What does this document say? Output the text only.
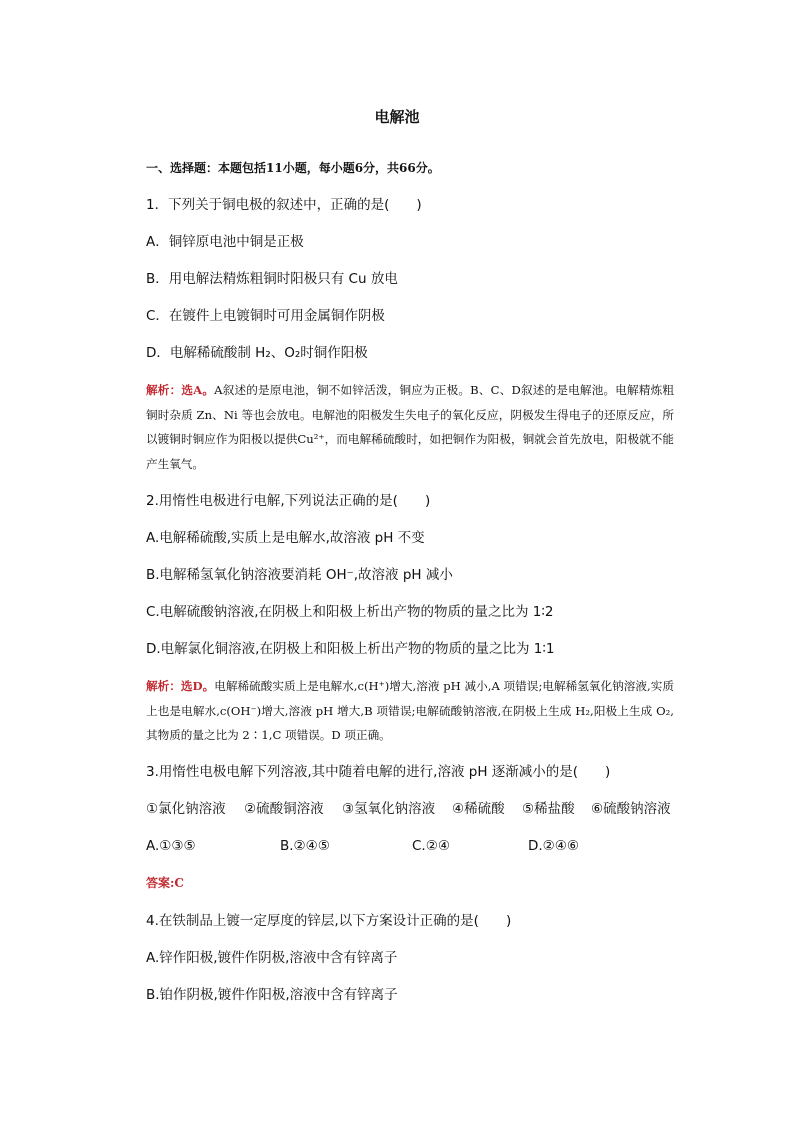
电解池
一、选择题：本题包括11小题，每小题6分，共66分。
1．下列关于铜电极的叙述中，正确的是(　　)
A．铜锌原电池中铜是正极
B．用电解法精炼粗铜时阳极只有 Cu 放电
C．在镀件上电镀铜时可用金属铜作阴极
D．电解稀硫酸制 H₂、O₂时铜作阳极
解析：选A。A叙述的是原电池，铜不如锌活泼，铜应为正极。B、C、D叙述的是电解池。电解精炼粗铜时杂质 Zn、Ni 等也会放电。电解池的阳极发生失电子的氧化反应，阴极发生得电子的还原反应，所以镀铜时铜应作为阳极以提供Cu²⁺，而电解稀硫酸时，如把铜作为阳极，铜就会首先放电，阳极就不能产生氧气。
2.用惰性电极进行电解,下列说法正确的是(　　)
A.电解稀硫酸,实质上是电解水,故溶液 pH 不变
B.电解稀氢氧化钠溶液要消耗 OH⁻,故溶液 pH 减小
C.电解硫酸钠溶液,在阴极上和阳极上析出产物的物质的量之比为 1∶2
D.电解氯化铜溶液,在阴极上和阳极上析出产物的物质的量之比为 1∶1
解析：选D。电解稀硫酸实质上是电解水,c(H⁺)增大,溶液 pH 减小,A 项错误;电解稀氢氧化钠溶液,实质上也是电解水,c(OH⁻)增大,溶液 pH 增大,B 项错误;电解硫酸钠溶液,在阴极上生成 H₂,阳极上生成 O₂,其物质的量之比为 2∶1,C 项错误。D 项正确。
3.用惰性电极电解下列溶液,其中随着电解的进行,溶液 pH 逐渐减小的是(　　)
①氯化钠溶液 ②硫酸铜溶液 ③氢氧化钠溶液 ④稀硫酸 ⑤稀盐酸 ⑥硫酸钠溶液
A.①③⑤	B.②④⑤	C.②④	D.②④⑥
答案:C
4.在铁制品上镀一定厚度的锌层,以下方案设计正确的是(　　)
A.锌作阳极,镀件作阴极,溶液中含有锌离子
B.铂作阴极,镀件作阳极,溶液中含有锌离子
